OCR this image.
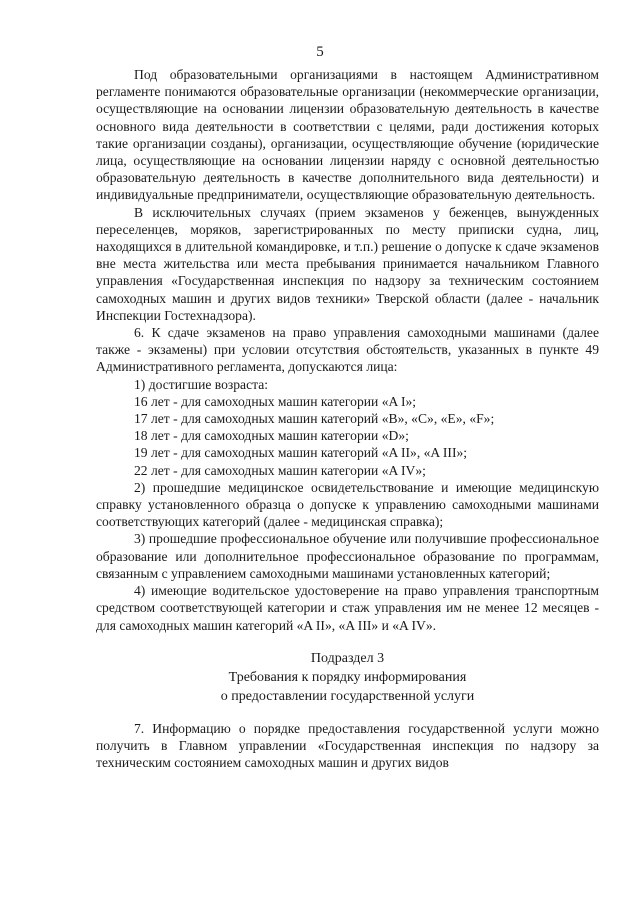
5

Под образовательными организациями в настоящем Административном регламенте понимаются образовательные организации (некоммерческие организации, осуществляющие на основании лицензии образовательную деятельность в качестве основного вида деятельности в соответствии с целями, ради достижения которых такие организации созданы), организации, осуществляющие обучение (юридические лица, осуществляющие на основании лицензии наряду с основной деятельностью образовательную деятельность в качестве дополнительного вида деятельности) и индивидуальные предприниматели, осуществляющие образовательную деятельность.

В исключительных случаях (прием экзаменов у беженцев, вынужденных переселенцев, моряков, зарегистрированных по месту приписки судна, лиц, находящихся в длительной командировке, и т.п.) решение о допуске к сдаче экзаменов вне места жительства или места пребывания принимается начальником Главного управления «Государственная инспекция по надзору за техническим состоянием самоходных машин и других видов техники» Тверской области (далее - начальник Инспекции Гостехнадзора).

6. К сдаче экзаменов на право управления самоходными машинами (далее также - экзамены) при условии отсутствия обстоятельств, указанных в пункте 49 Административного регламента, допускаются лица:

1) достигшие возраста:

16 лет - для самоходных машин категории «A I»;

17 лет - для самоходных машин категорий «B», «C», «E», «F»;

18 лет - для самоходных машин категории «D»;

19 лет - для самоходных машин категорий «A II», «A III»;

22 лет - для самоходных машин категории «A IV»;

2) прошедшие медицинское освидетельствование и имеющие медицинскую справку установленного образца о допуске к управлению самоходными машинами соответствующих категорий (далее - медицинская справка);

3) прошедшие профессиональное обучение или получившие профессиональное образование или дополнительное профессиональное образование по программам, связанным с управлением самоходными машинами установленных категорий;

4) имеющие водительское удостоверение на право управления транспортным средством соответствующей категории и стаж управления им не менее 12 месяцев - для самоходных машин категорий «A II», «A III» и «A IV».

Подраздел 3
Требования к порядку информирования
о предоставлении государственной услуги

7. Информацию о порядке предоставления государственной услуги можно получить в Главном управлении «Государственная инспекция по надзору за техническим состоянием самоходных машин и других видов
